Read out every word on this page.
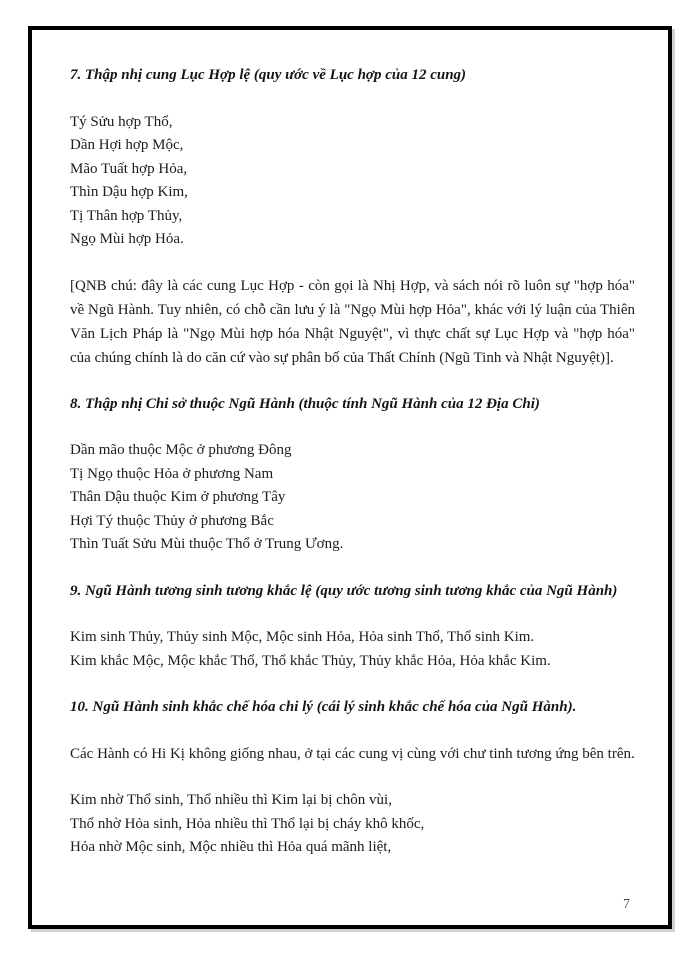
7. Thập nhị cung Lục Hợp lệ (quy ước về Lục hợp của 12 cung)

Tý Sửu hợp Thổ,

Dần Hợi hợp Mộc,

Mão Tuất hợp Hỏa,

Thìn Dậu hợp Kim,

Tị Thân hợp Thủy,

Ngọ Mùi hợp Hỏa.

[QNB chú: đây là các cung Lục Hợp - còn gọi là Nhị Hợp, và sách nói rõ luôn sự "hợp hóa" về Ngũ Hành. Tuy nhiên, có chỗ cần lưu ý là "Ngọ Mùi hợp Hỏa", khác với lý luận của Thiên Văn Lịch Pháp là "Ngọ Mùi hợp hóa Nhật Nguyệt", vì thực chất sự Lục Hợp và "hợp hóa" của chúng chính là do căn cứ vào sự phân bố của Thất Chính (Ngũ Tinh và Nhật Nguyệt)].

8. Thập nhị Chi sở thuộc Ngũ Hành (thuộc tính Ngũ Hành của 12 Địa Chi)

Dần mão thuộc Mộc ở phương Đông

Tị Ngọ thuộc Hỏa ở phương Nam

Thân Dậu thuộc Kim ở phương Tây

Hợi Tý thuộc Thủy ở phương Bắc

Thìn Tuất Sửu Mùi thuộc Thổ ở Trung Ương.

9. Ngũ Hành tương sinh tương khắc lệ (quy ước tương sinh tương khắc của Ngũ Hành)

Kim sinh Thủy, Thủy sinh Mộc, Mộc sinh Hỏa, Hỏa sinh Thổ, Thổ sinh Kim.

Kim khắc Mộc, Mộc khắc Thổ, Thổ khắc Thủy, Thủy khắc Hỏa, Hỏa khắc Kim.

10. Ngũ Hành sinh khắc chế hóa chi lý (cái lý sinh khắc chế hóa của Ngũ Hành).

Các Hành có Hi Kị không giống nhau, ở tại các cung vị cùng với chư tinh tương ứng bên trên.

Kim nhờ Thổ sinh, Thổ nhiều thì Kim lại bị chôn vùi,

Thổ nhờ Hỏa sinh, Hỏa nhiều thì Thổ lại bị cháy khô khốc,

Hỏa nhờ Mộc sinh, Mộc nhiều thì Hỏa quá mãnh liệt,

7
